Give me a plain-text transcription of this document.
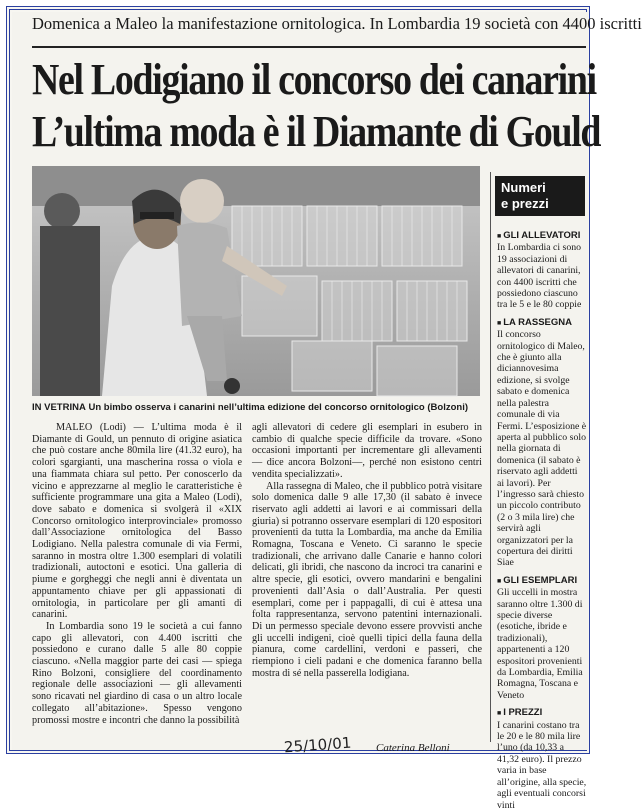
Domenica a Maleo la manifestazione ornitologica. In Lombardia 19 società con 4400 iscritti
Nel Lodigiano il concorso dei canarini
L’ultima moda è il Diamante di Gould
IN VETRINA Un bimbo osserva i canarini nell’ultima edizione del concorso ornitologico (Bolzoni)

MALEO (Lodi) — L’ultima moda è il Diamante di Gould, un pennuto di origine asiatica che può costare anche 80mila lire (41.32 euro), ha colori sgargianti, una mascherina rossa o viola e una fiammata chiara sul petto. Per conoscerlo da vicino e apprezzarne al meglio le caratteristiche è sufficiente programmare una gita a Maleo (Lodi), dove sabato e domenica si svolgerà il «XIX Concorso ornitologico interprovinciale» promosso dall’Associazione ornitologica del Basso Lodigiano. Nella palestra comunale di via Fermi, saranno in mostra oltre 1.300 esemplari di volatili tradizionali, autoctoni e esotici. Una galleria di piume e gorgheggi che negli anni è diventata un appuntamento chiave per gli appassionati di ornitologia, in particolare per gli amanti di canarini.

In Lombardia sono 19 le società a cui fanno capo gli allevatori, con 4.400 iscritti che possiedono e curano dalle 5 alle 80 coppie ciascuno. «Nella maggior parte dei casi — spiega Rino Bolzoni, consigliere del coordinamento regionale delle associazioni — gli allevamenti sono ricavati nel giardino di casa o un altro locale collegato all’abitazione». Spesso vengono promossi mostre e incontri che danno la possibilità

agli allevatori di cedere gli esemplari in esubero in cambio di qualche specie difficile da trovare. «Sono occasioni importanti per incrementare gli allevamenti — dice ancora Bolzoni—, perché non esistono centri vendita specializzati».

Alla rassegna di Maleo, che il pubblico potrà visitare solo domenica dalle 9 alle 17,30 (il sabato è invece riservato agli addetti ai lavori e ai commissari della giuria) si potranno osservare esemplari di 120 espositori provenienti da tutta la Lombardia, ma anche da Emilia Romagna, Toscana e Veneto. Ci saranno le specie tradizionali, che arrivano dalle Canarie e hanno colori delicati, gli ibridi, che nascono da incroci tra canarini e altre specie, gli esotici, ovvero mandarini e bengalini provenienti dall’Asia o dall’Australia. Per questi esemplari, come per i pappagalli, di cui è attesa una folta rappresentanza, servono patentini internazionali. Di un permesso speciale devono essere provvisti anche gli uccelli indigeni, cioè quelli tipici della fauna della pianura, come cardellini, verdoni e passeri, che riempiono i cieli padani e che domenica faranno bella mostra di sé nella passerella lodigiana.

Numeri
e prezzi
■ GLI ALLEVATORI

In Lombardia ci sono 19 associazioni di allevatori di canarini, con 4400 iscritti che possiedono ciascuno tra le 5 e le 80 coppie

■ LA RASSEGNA

Il concorso ornitologico di Maleo, che è giunto alla diciannovesima edizione, si svolge sabato e domenica nella palestra comunale di via Fermi. L’esposizione è aperta al pubblico solo nella giornata di domenica (il sabato è riservato agli addetti ai lavori). Per l’ingresso sarà chiesto un piccolo contributo (2 o 3 mila lire) che servirà agli organizzatori per la copertura dei diritti Siae

■ GLI ESEMPLARI

Gli uccelli in mostra saranno oltre 1.300 di specie diverse (esotiche, ibride e tradizionali), appartenenti a 120 espositori provenienti da Lombardia, Emilia Romagna, Toscana e Veneto

■ I PREZZI

I canarini costano tra le 20 e le 80 mila lire l’uno (da 10,33 a 41,32 euro). Il prezzo varia in base all’origine, alla specie, agli eventuali concorsi vinti

25/10/01 Caterina Belloni
